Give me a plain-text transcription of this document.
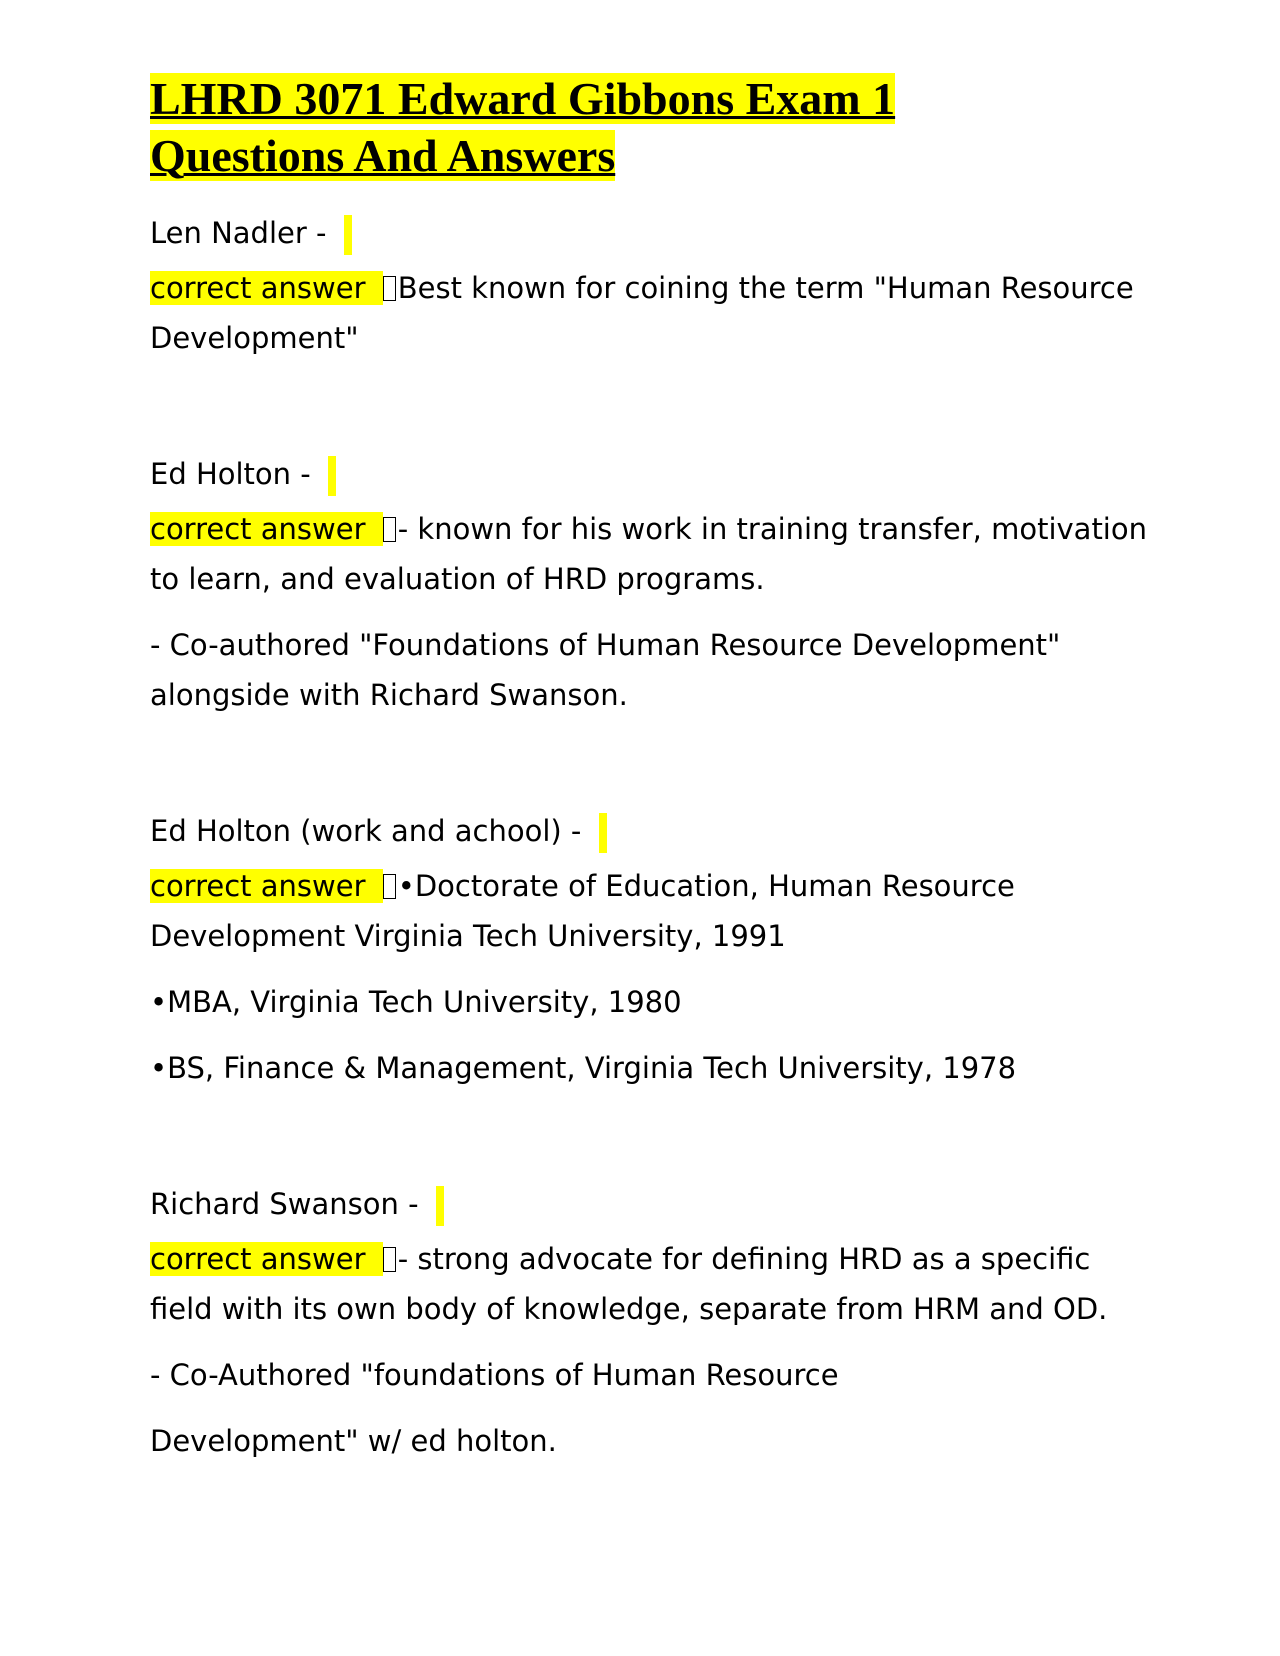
LHRD 3071 Edward Gibbons Exam 1
Questions And Answers

Len Nadler -

correct answer Best known for coining the term "Human Resource Development"

Ed Holton -

correct answer - known for his work in training transfer, motivation to learn, and evaluation of HRD programs.

- Co-authored "Foundations of Human Resource Development" alongside with Richard Swanson.

Ed Holton (work and achool) -

correct answer •Doctorate of Education, Human Resource Development Virginia Tech University, 1991

•MBA, Virginia Tech University, 1980

•BS, Finance & Management, Virginia Tech University, 1978

Richard Swanson -

correct answer - strong advocate for defining HRD as a specific field with its own body of knowledge, separate from HRM and OD.

- Co-Authored "foundations of Human Resource

Development" w/ ed holton.
